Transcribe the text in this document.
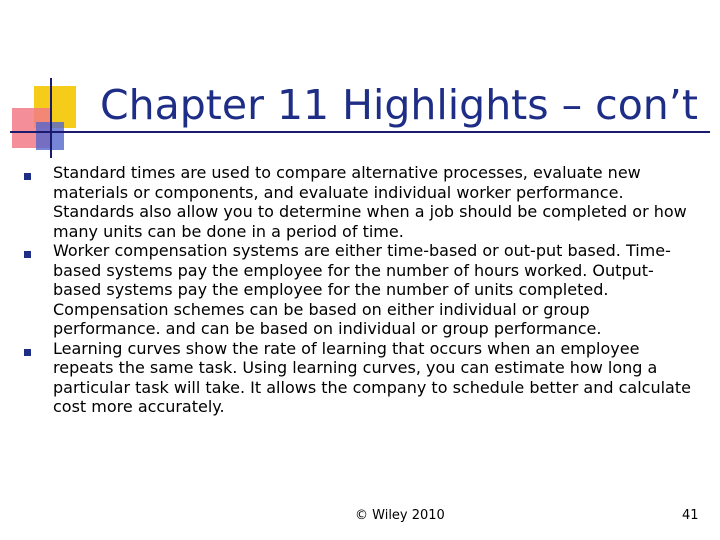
Chapter 11 Highlights – con’t
Standard times are used to compare alternative processes, evaluate new materials or components, and evaluate individual worker performance. Standards also allow you to determine when a job should be completed or how many units can be done in a period of time.
Worker compensation systems are either time-based or out-put based. Time-based systems pay the employee for the number of hours worked. Output-based systems pay the employee for the number of units completed. Compensation schemes can be based on either individual or group performance. and can be based on individual or group performance.
Learning curves show the rate of learning that occurs when an employee repeats the same task. Using learning curves, you can estimate how long a particular task will take. It allows the company to schedule better and calculate cost more accurately.
© Wiley 2010	41
